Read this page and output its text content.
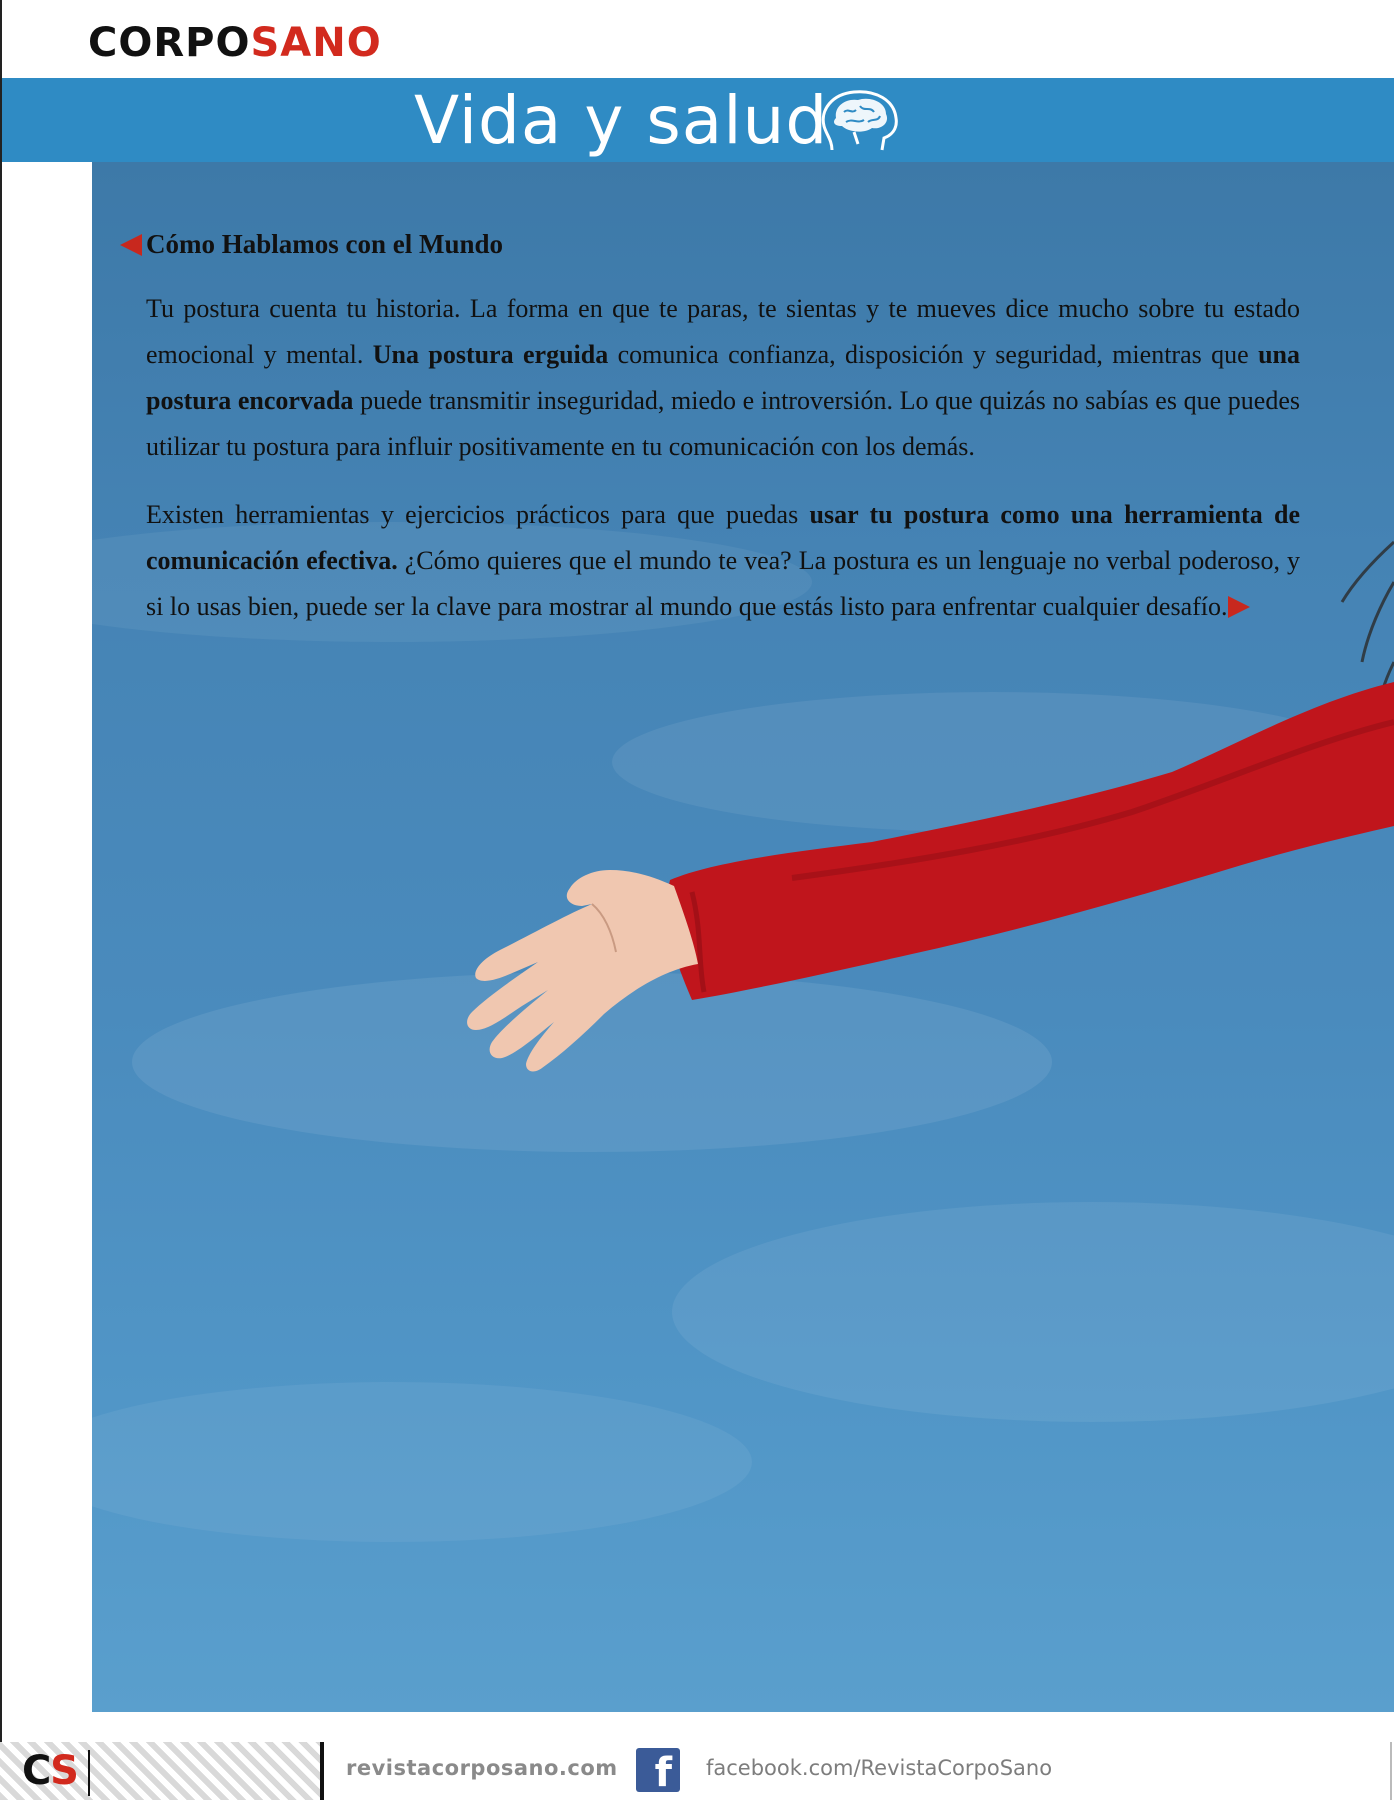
CORPOSANO
Vida y salud
Cómo Hablamos con el Mundo

Tu postura cuenta tu historia. La forma en que te paras, te sientas y te mueves dice mucho sobre tu estado emocional y mental. Una postura erguida comunica confianza, disposición y seguridad, mientras que una postura encorvada puede transmitir inseguridad, miedo e introversión. Lo que quizás no sabías es que puedes utilizar tu postura para influir positivamente en tu comunicación con los demás.

Existen herramientas y ejercicios prácticos para que puedas usar tu postura como una herramienta de comunicación efectiva. ¿Cómo quieres que el mundo te vea? La postura es un lenguaje no verbal poderoso, y si lo usas bien, puede ser la clave para mostrar al mundo que estás listo para enfrentar cualquier desafío.

CS	revistacorposano.com f	facebook.com/RevistaCorpoSano
